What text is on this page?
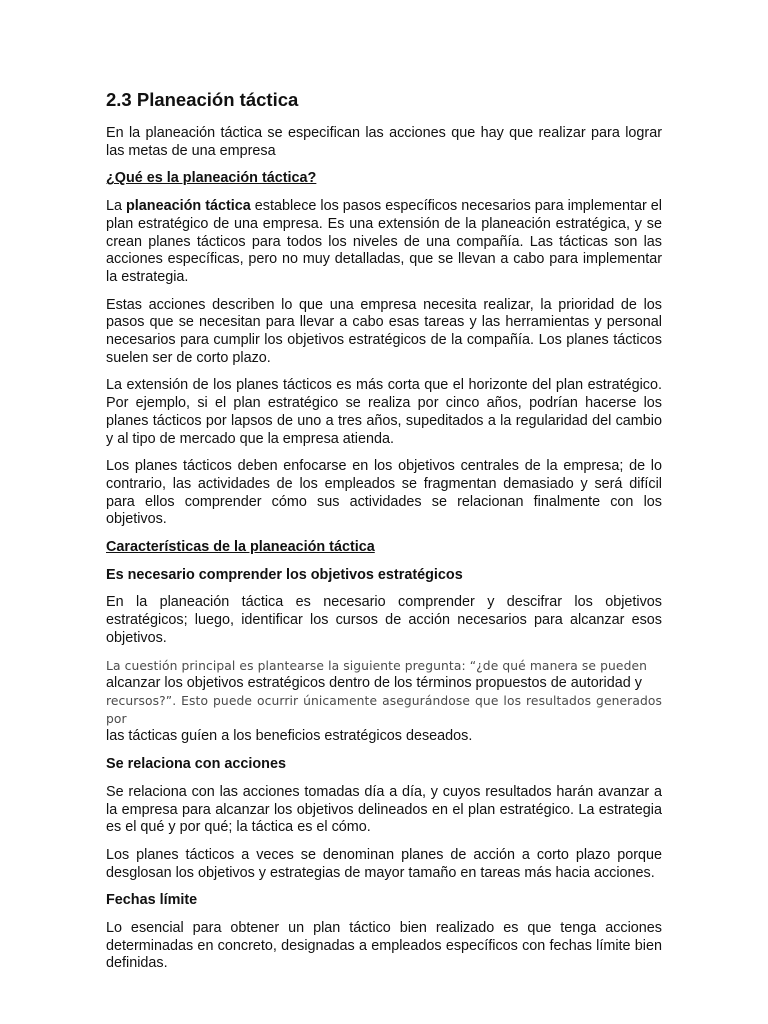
2.3 Planeación táctica

En la planeación táctica se especifican las acciones que hay que realizar para lograr las metas de una empresa

¿Qué es la planeación táctica?

La planeación táctica establece los pasos específicos necesarios para implementar el plan estratégico de una empresa. Es una extensión de la planeación estratégica, y se crean planes tácticos para todos los niveles de una compañía. Las tácticas son las acciones específicas, pero no muy detalladas, que se llevan a cabo para implementar la estrategia.

Estas acciones describen lo que una empresa necesita realizar, la prioridad de los pasos que se necesitan para llevar a cabo esas tareas y las herramientas y personal necesarios para cumplir los objetivos estratégicos de la compañía. Los planes tácticos suelen ser de corto plazo.

La extensión de los planes tácticos es más corta que el horizonte del plan estratégico. Por ejemplo, si el plan estratégico se realiza por cinco años, podrían hacerse los planes tácticos por lapsos de uno a tres años, supeditados a la regularidad del cambio y al tipo de mercado que la empresa atienda.

Los planes tácticos deben enfocarse en los objetivos centrales de la empresa; de lo contrario, las actividades de los empleados se fragmentan demasiado y será difícil para ellos comprender cómo sus actividades se relacionan finalmente con los objetivos.

Características de la planeación táctica
Es necesario comprender los objetivos estratégicos

En la planeación táctica es necesario comprender y descifrar los objetivos estratégicos; luego, identificar los cursos de acción necesarios para alcanzar esos objetivos.

La cuestión principal es plantearse la siguiente pregunta: “¿de qué manera se pueden
alcanzar los objetivos estratégicos dentro de los términos propuestos de autoridad y
recursos?”. Esto puede ocurrir únicamente asegurándose que los resultados generados por
las tácticas guíen a los beneficios estratégicos deseados.

Se relaciona con acciones

Se relaciona con las acciones tomadas día a día, y cuyos resultados harán avanzar a la empresa para alcanzar los objetivos delineados en el plan estratégico. La estrategia es el qué y por qué; la táctica es el cómo.

Los planes tácticos a veces se denominan planes de acción a corto plazo porque desglosan los objetivos y estrategias de mayor tamaño en tareas más hacia acciones.

Fechas límite

Lo esencial para obtener un plan táctico bien realizado es que tenga acciones determinadas en concreto, designadas a empleados específicos con fechas límite bien definidas.
